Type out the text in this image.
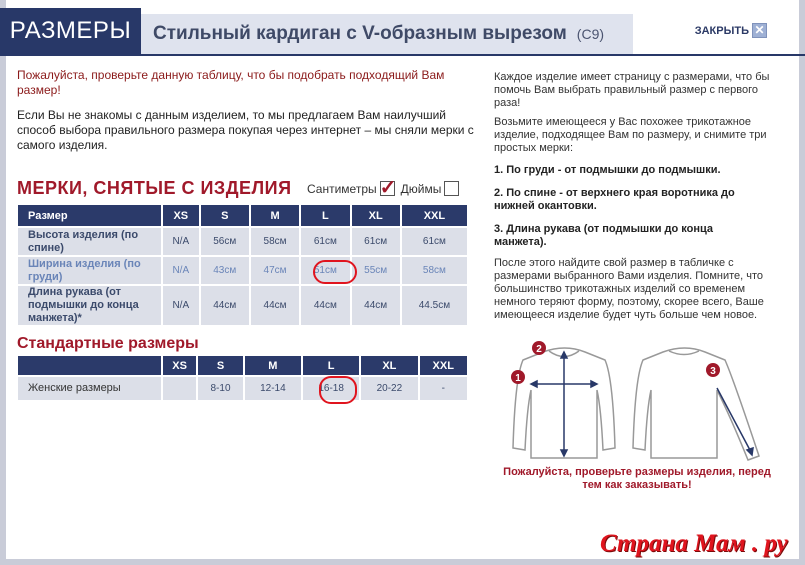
РАЗМЕРЫ	Стильный кардиган с V-образным вырезом (C9)	ЗАКРЫТЬ ✕
Пожалуйста, проверьте данную таблицу, что бы подобрать подходящий Вам размер!
Если Вы не знакомы с данным изделием, то мы предлагаем Вам наилучший способ выбора правильного размера покупая через интернет – мы сняли мерки с самого изделия.
МЕРКИ, СНЯТЫЕ С ИЗДЕЛИЯ Сантиметры ✓ Дюймы
Размер	XS	S	M	L	XL	XXL
Высота изделия (по спине)	N/A	56см	58см	61см	61см	61см
Ширина изделия (по груди)	N/A	43см	47см	51см	55см	58см
Длина рукава (от подмышки до конца манжета)*	N/A	44см	44см	44см	44см	44.5см
Стандартные размеры
	XS	S	M	L	XL	XXL
Женские размеры		8-10	12-14	16-18	20-22	-
Каждое изделие имеет страницу с размерами, что бы помочь Вам выбрать правильный размер с первого раза!
Возьмите имеющееся у Вас похожее трикотажное изделие, подходящее Вам по размеру, и снимите три простых мерки:
1. По груди - от подмышки до подмышки.
2. По спине - от верхнего края воротника до нижней окантовки.
3. Длина рукава (от подмышки до конца манжета).
После этого найдите свой размер в табличке с размерами выбранного Вами изделия. Помните, что большинство трикотажных изделий со временем немного теряют форму, поэтому, скорее всего, Ваше имеющееся изделие будет чуть больше чем новое.
1
2
3
Пожалуйста, проверьте размеры изделия, перед тем как заказывать!
Страна Мам . ру
